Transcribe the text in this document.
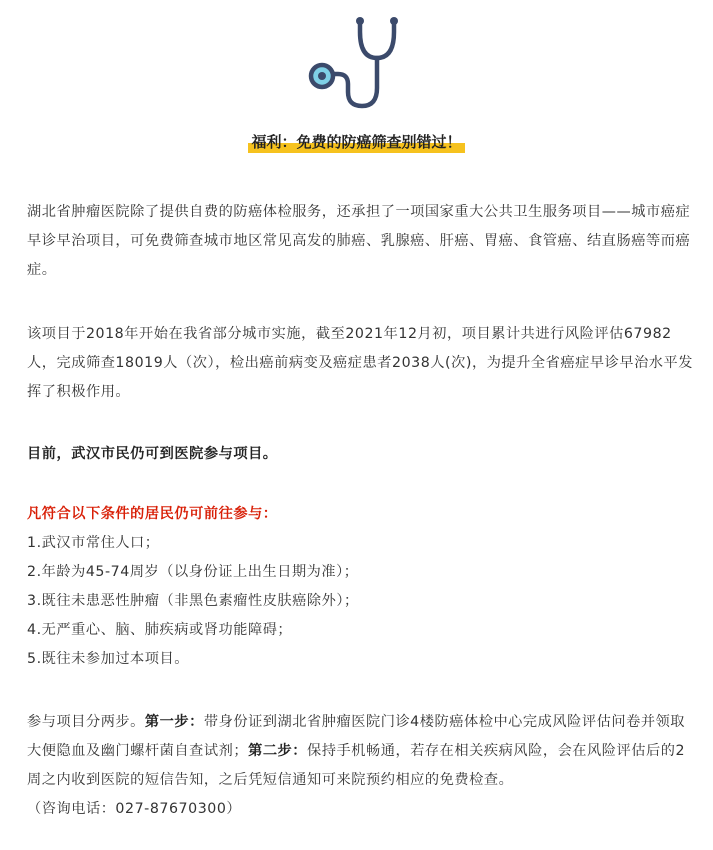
福利：免费的防癌筛查别错过！

湖北省肿瘤医院除了提供自费的防癌体检服务，还承担了一项国家重大公共卫生服务项目——城市癌症早诊早治项目，可免费筛查城市地区常见高发的肺癌、乳腺癌、肝癌、胃癌、食管癌、结直肠癌等而癌症。

该项目于2018年开始在我省部分城市实施，截至2021年12月初，项目累计共进行风险评估67982人，完成筛查18019人（次），检出癌前病变及癌症患者2038人(次)，为提升全省癌症早诊早治水平发挥了积极作用。

目前，武汉市民仍可到医院参与项目。

凡符合以下条件的居民仍可前往参与：
1.武汉市常住人口；
2.年龄为45-74周岁（以身份证上出生日期为准）；
3.既往未患恶性肿瘤（非黑色素瘤性皮肤癌除外）；
4.无严重心、脑、肺疾病或肾功能障碍；
5.既往未参加过本项目。

参与项目分两步。第一步：带身份证到湖北省肿瘤医院门诊4楼防癌体检中心完成风险评估问卷并领取大便隐血及幽门螺杆菌自查试剂；第二步：保持手机畅通，若存在相关疾病风险，会在风险评估后的2周之内收到医院的短信告知，之后凭短信通知可来院预约相应的免费检查。
（咨询电话：027-87670300）
